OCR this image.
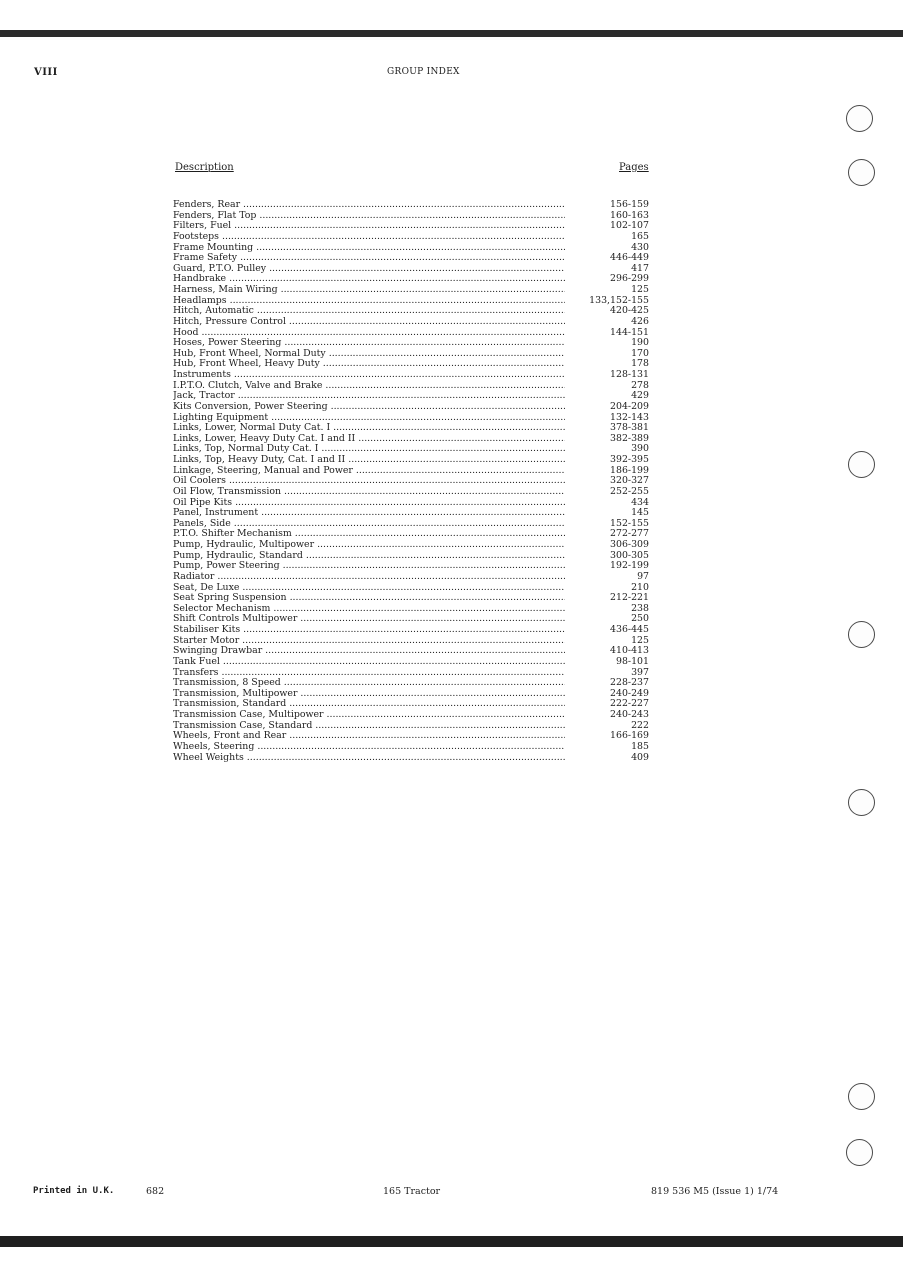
VIII	GROUP INDEX
Description	Pages
Fenders, Rear .....	156-159
Fenders, Flat Top .....	160-163
Filters, Fuel .....	102-107
Footsteps .....	165
Frame Mounting .....	430
Frame Safety .....	446-449
Guard, P.T.O. Pulley .....	417
Handbrake .....	296-299
Harness, Main Wiring .....	125
Headlamps .....	133,152-155
Hitch, Automatic .....	420-425
Hitch, Pressure Control .....	426
Hood .....	144-151
Hoses, Power Steering .....	190
Hub, Front Wheel, Normal Duty .....	170
Hub, Front Wheel, Heavy Duty .....	178
Instruments .....	128-131
I.P.T.O. Clutch, Valve and Brake .....	278
Jack, Tractor .....	429
Kits Conversion, Power Steering .....	204-209
Lighting Equipment .....	132-143
Links, Lower, Normal Duty Cat. I .....	378-381
Links, Lower, Heavy Duty Cat. I and II .....	382-389
Links, Top, Normal Duty Cat. I .....	390
Links, Top, Heavy Duty, Cat. I and II .....	392-395
Linkage, Steering, Manual and Power .....	186-199
Oil Coolers .....	320-327
Oil Flow, Transmission .....	252-255
Oil Pipe Kits .....	434
Panel, Instrument .....	145
Panels, Side .....	152-155
P.T.O. Shifter Mechanism .....	272-277
Pump, Hydraulic, Multipower .....	306-309
Pump, Hydraulic, Standard .....	300-305
Pump, Power Steering .....	192-199
Radiator .....	97
Seat, De Luxe .....	210
Seat Spring Suspension .....	212-221
Selector Mechanism .....	238
Shift Controls Multipower .....	250
Stabiliser Kits .....	436-445
Starter Motor .....	125
Swinging Drawbar .....	410-413
Tank Fuel .....	98-101
Transfers .....	397
Transmission, 8 Speed .....	228-237
Transmission, Multipower .....	240-249
Transmission, Standard .....	222-227
Transmission Case, Multipower .....	240-243
Transmission Case, Standard .....	222
Wheels, Front and Rear .....	166-169
Wheels, Steering .....	185
Wheel Weights .....	409
Printed in U.K.	682	165 Tractor	819 536 M5 (Issue 1) 1/74
